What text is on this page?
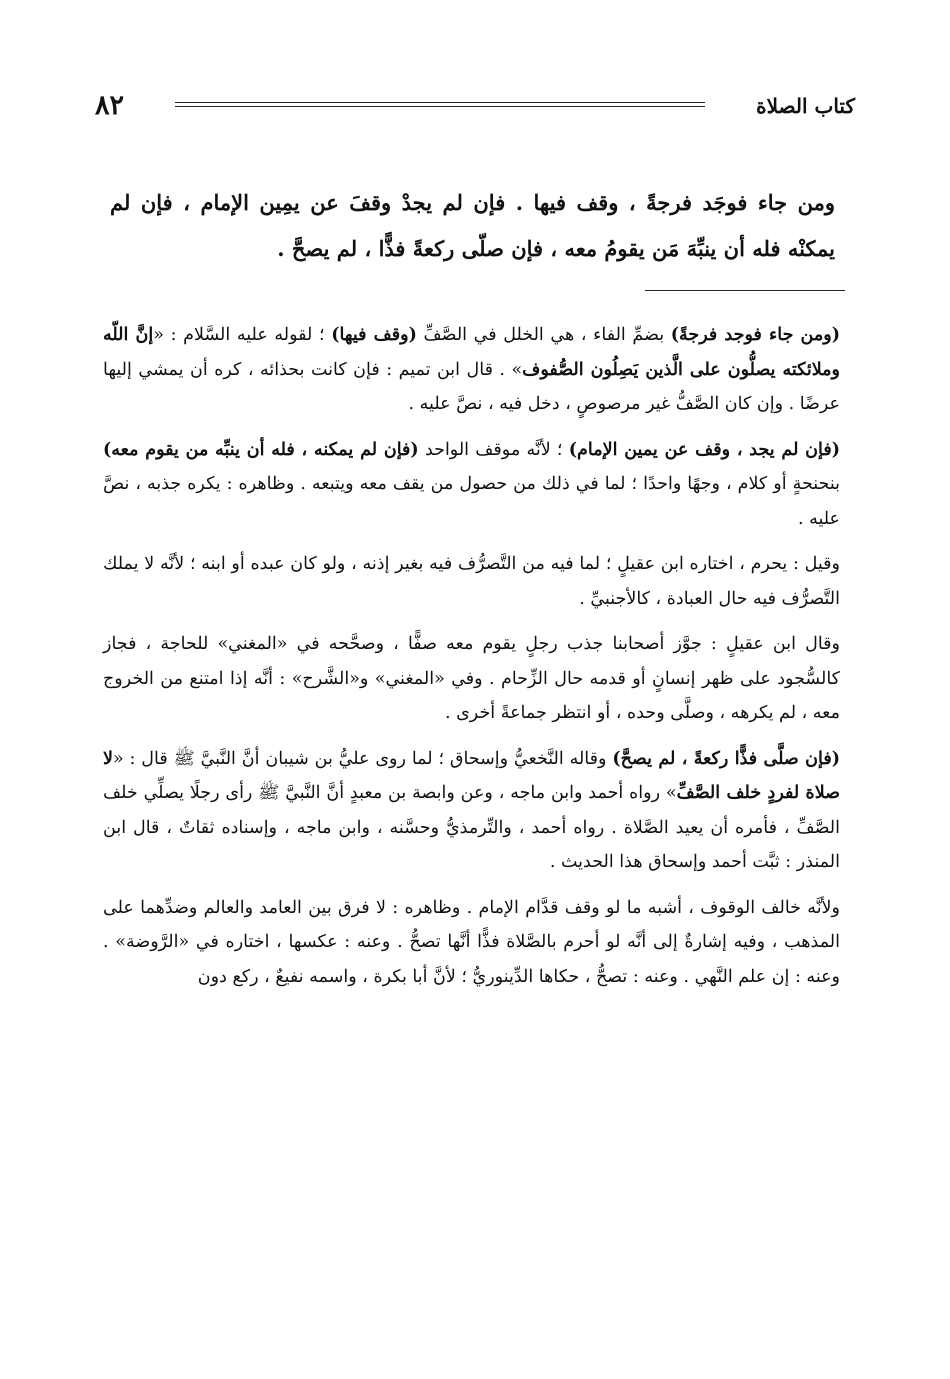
٨٢	كتاب الصلاة
ومن جاء فوجَد فرجةً ، وقف فيها . فإن لم يجدْ وقفَ عن يمِين الإمام ، فإن لم يمكنْه فله أن ينبِّهَ مَن يقومُ معه ، فإن صلّى ركعةً فذًّا ، لم يصحَّ .

(ومن جاء فوجد فرجةً) بضمِّ الفاء ، هي الخلل في الصَّفِّ (وقف فيها) ؛ لقوله عليه السَّلام : «إنَّ اللّه وملائكته يصلُّون على الَّذين يَصِلُون الصُّفوف» . قال ابن تميم : فإن كانت بحذائه ، كره أن يمشي إليها عرضًا . وإن كان الصَّفُّ غير مرصوصٍ ، دخل فيه ، نصَّ عليه .

(فإن لم يجد ، وقف عن يمين الإمام) ؛ لأنَّه موقف الواحد (فإن لم يمكنه ، فله أن ينبِّه من يقوم معه) بنحنحةٍ أو كلام ، وجهًا واحدًا ؛ لما في ذلك من حصول من يقف معه ويتبعه . وظاهره : يكره جذبه ، نصَّ عليه .

وقيل : يحرم ، اختاره ابن عقيلٍ ؛ لما فيه من التَّصرُّف فيه بغير إذنه ، ولو كان عبده أو ابنه ؛ لأنَّه لا يملك التَّصرُّف فيه حال العبادة ، كالأجنبيِّ .

وقال ابن عقيلٍ : جوَّز أصحابنا جذب رجلٍ يقوم معه صفًّا ، وصحَّحه في «المغني» للحاجة ، فجاز كالسُّجود على ظهر إنسانٍ أو قدمه حال الزِّحام . وفي «المغني» و«الشَّرح» : أنَّه إذا امتنع من الخروج معه ، لم يكرهه ، وصلَّى وحده ، أو انتظر جماعةً أخرى .

(فإن صلَّى فذًّا ركعةً ، لم يصحَّ) وقاله النَّخعيُّ وإسحاق ؛ لما روى عليُّ بن شيبان أنَّ النَّبيَّ ﷺ قال : «لا صلاة لفردٍ خلف الصَّفِّ» رواه أحمد وابن ماجه ، وعن وابصة بن معبدٍ أنَّ النَّبيَّ ﷺ رأى رجلًا يصلِّي خلف الصَّفِّ ، فأمره أن يعيد الصَّلاة . رواه أحمد ، والتِّرمذيُّ وحسَّنه ، وابن ماجه ، وإسناده ثقاتٌ ، قال ابن المنذر : ثبَّت أحمد وإسحاق هذا الحديث .

ولأنَّه خالف الوقوف ، أشبه ما لو وقف قدَّام الإمام . وظاهره : لا فرق بين العامد والعالم وضدِّهما على المذهب ، وفيه إشارةٌ إلى أنَّه لو أحرم بالصَّلاة فذًّا أنَّها تصحُّ . وعنه : عكسها ، اختاره في «الرَّوضة» . وعنه : إن علم النَّهي . وعنه : تصحُّ ، حكاها الدِّينوريُّ ؛ لأنَّ أبا بكرة ، واسمه نفيعٌ ، ركع دون
